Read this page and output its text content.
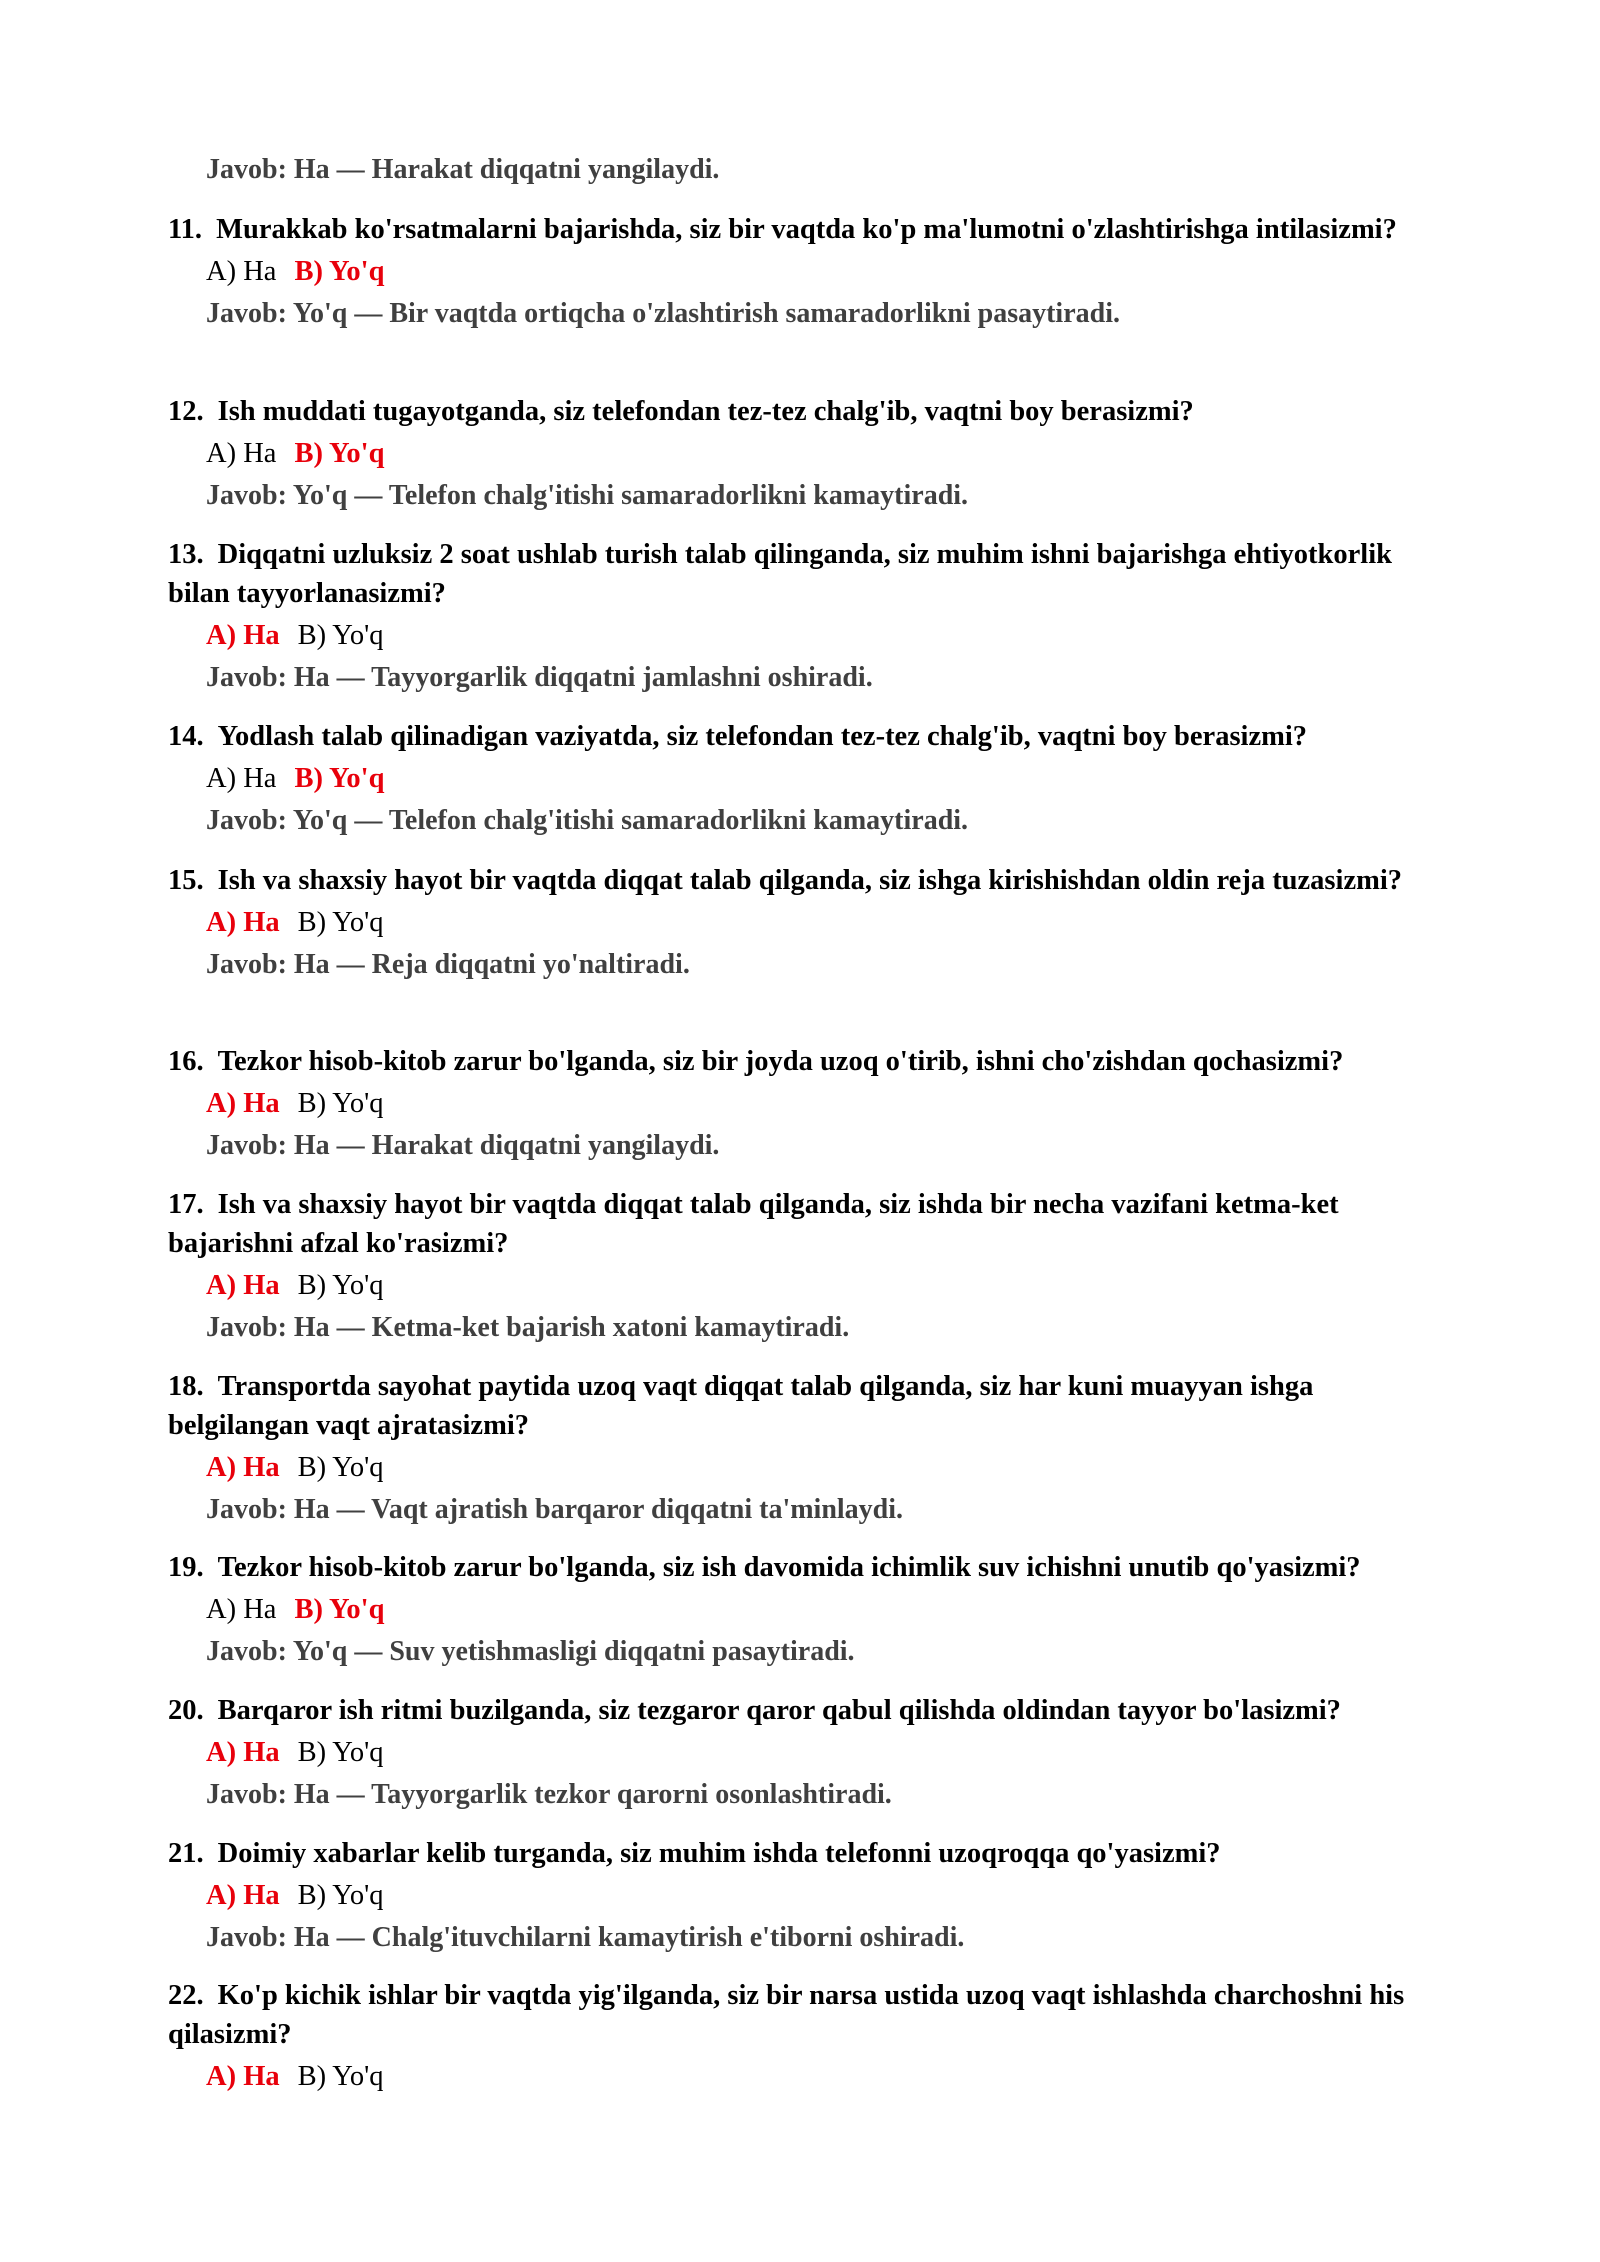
Javob: Ha — Harakat diqqatni yangilaydi.

11. Murakkab ko'rsatmalarni bajarishda, siz bir vaqtda ko'p ma'lumotni o'zlashtirishga intilasizmi?

A) Ha B) Yo'q
Javob: Yo'q — Bir vaqtda ortiqcha o'zlashtirish samaradorlikni pasaytiradi.

12. Ish muddati tugayotganda, siz telefondan tez-tez chalg'ib, vaqtni boy berasizmi?

A) Ha B) Yo'q
Javob: Yo'q — Telefon chalg'itishi samaradorlikni kamaytiradi.

13. Diqqatni uzluksiz 2 soat ushlab turish talab qilinganda, siz muhim ishni bajarishga ehtiyotkorlik bilan tayyorlanasizmi?

A) Ha B) Yo'q
Javob: Ha — Tayyorgarlik diqqatni jamlashni oshiradi.

14. Yodlash talab qilinadigan vaziyatda, siz telefondan tez-tez chalg'ib, vaqtni boy berasizmi?

A) Ha B) Yo'q
Javob: Yo'q — Telefon chalg'itishi samaradorlikni kamaytiradi.

15. Ish va shaxsiy hayot bir vaqtda diqqat talab qilganda, siz ishga kirishishdan oldin reja tuzasizmi?

A) Ha B) Yo'q
Javob: Ha — Reja diqqatni yo'naltiradi.

16. Tezkor hisob-kitob zarur bo'lganda, siz bir joyda uzoq o'tirib, ishni cho'zishdan qochasizmi?

A) Ha B) Yo'q
Javob: Ha — Harakat diqqatni yangilaydi.

17. Ish va shaxsiy hayot bir vaqtda diqqat talab qilganda, siz ishda bir necha vazifani ketma-ket bajarishni afzal ko'rasizmi?

A) Ha B) Yo'q
Javob: Ha — Ketma-ket bajarish xatoni kamaytiradi.

18. Transportda sayohat paytida uzoq vaqt diqqat talab qilganda, siz har kuni muayyan ishga belgilangan vaqt ajratasizmi?

A) Ha B) Yo'q
Javob: Ha — Vaqt ajratish barqaror diqqatni ta'minlaydi.

19. Tezkor hisob-kitob zarur bo'lganda, siz ish davomida ichimlik suv ichishni unutib qo'yasizmi?

A) Ha B) Yo'q
Javob: Yo'q — Suv yetishmasligi diqqatni pasaytiradi.

20. Barqaror ish ritmi buzilganda, siz tezgaror qaror qabul qilishda oldindan tayyor bo'lasizmi?

A) Ha B) Yo'q
Javob: Ha — Tayyorgarlik tezkor qarorni osonlashtiradi.

21. Doimiy xabarlar kelib turganda, siz muhim ishda telefonni uzoqroqqa qo'yasizmi?

A) Ha B) Yo'q
Javob: Ha — Chalg'ituvchilarni kamaytirish e'tiborni oshiradi.

22. Ko'p kichik ishlar bir vaqtda yig'ilganda, siz bir narsa ustida uzoq vaqt ishlashda charchoshni his qilasizmi?

A) Ha B) Yo'q
